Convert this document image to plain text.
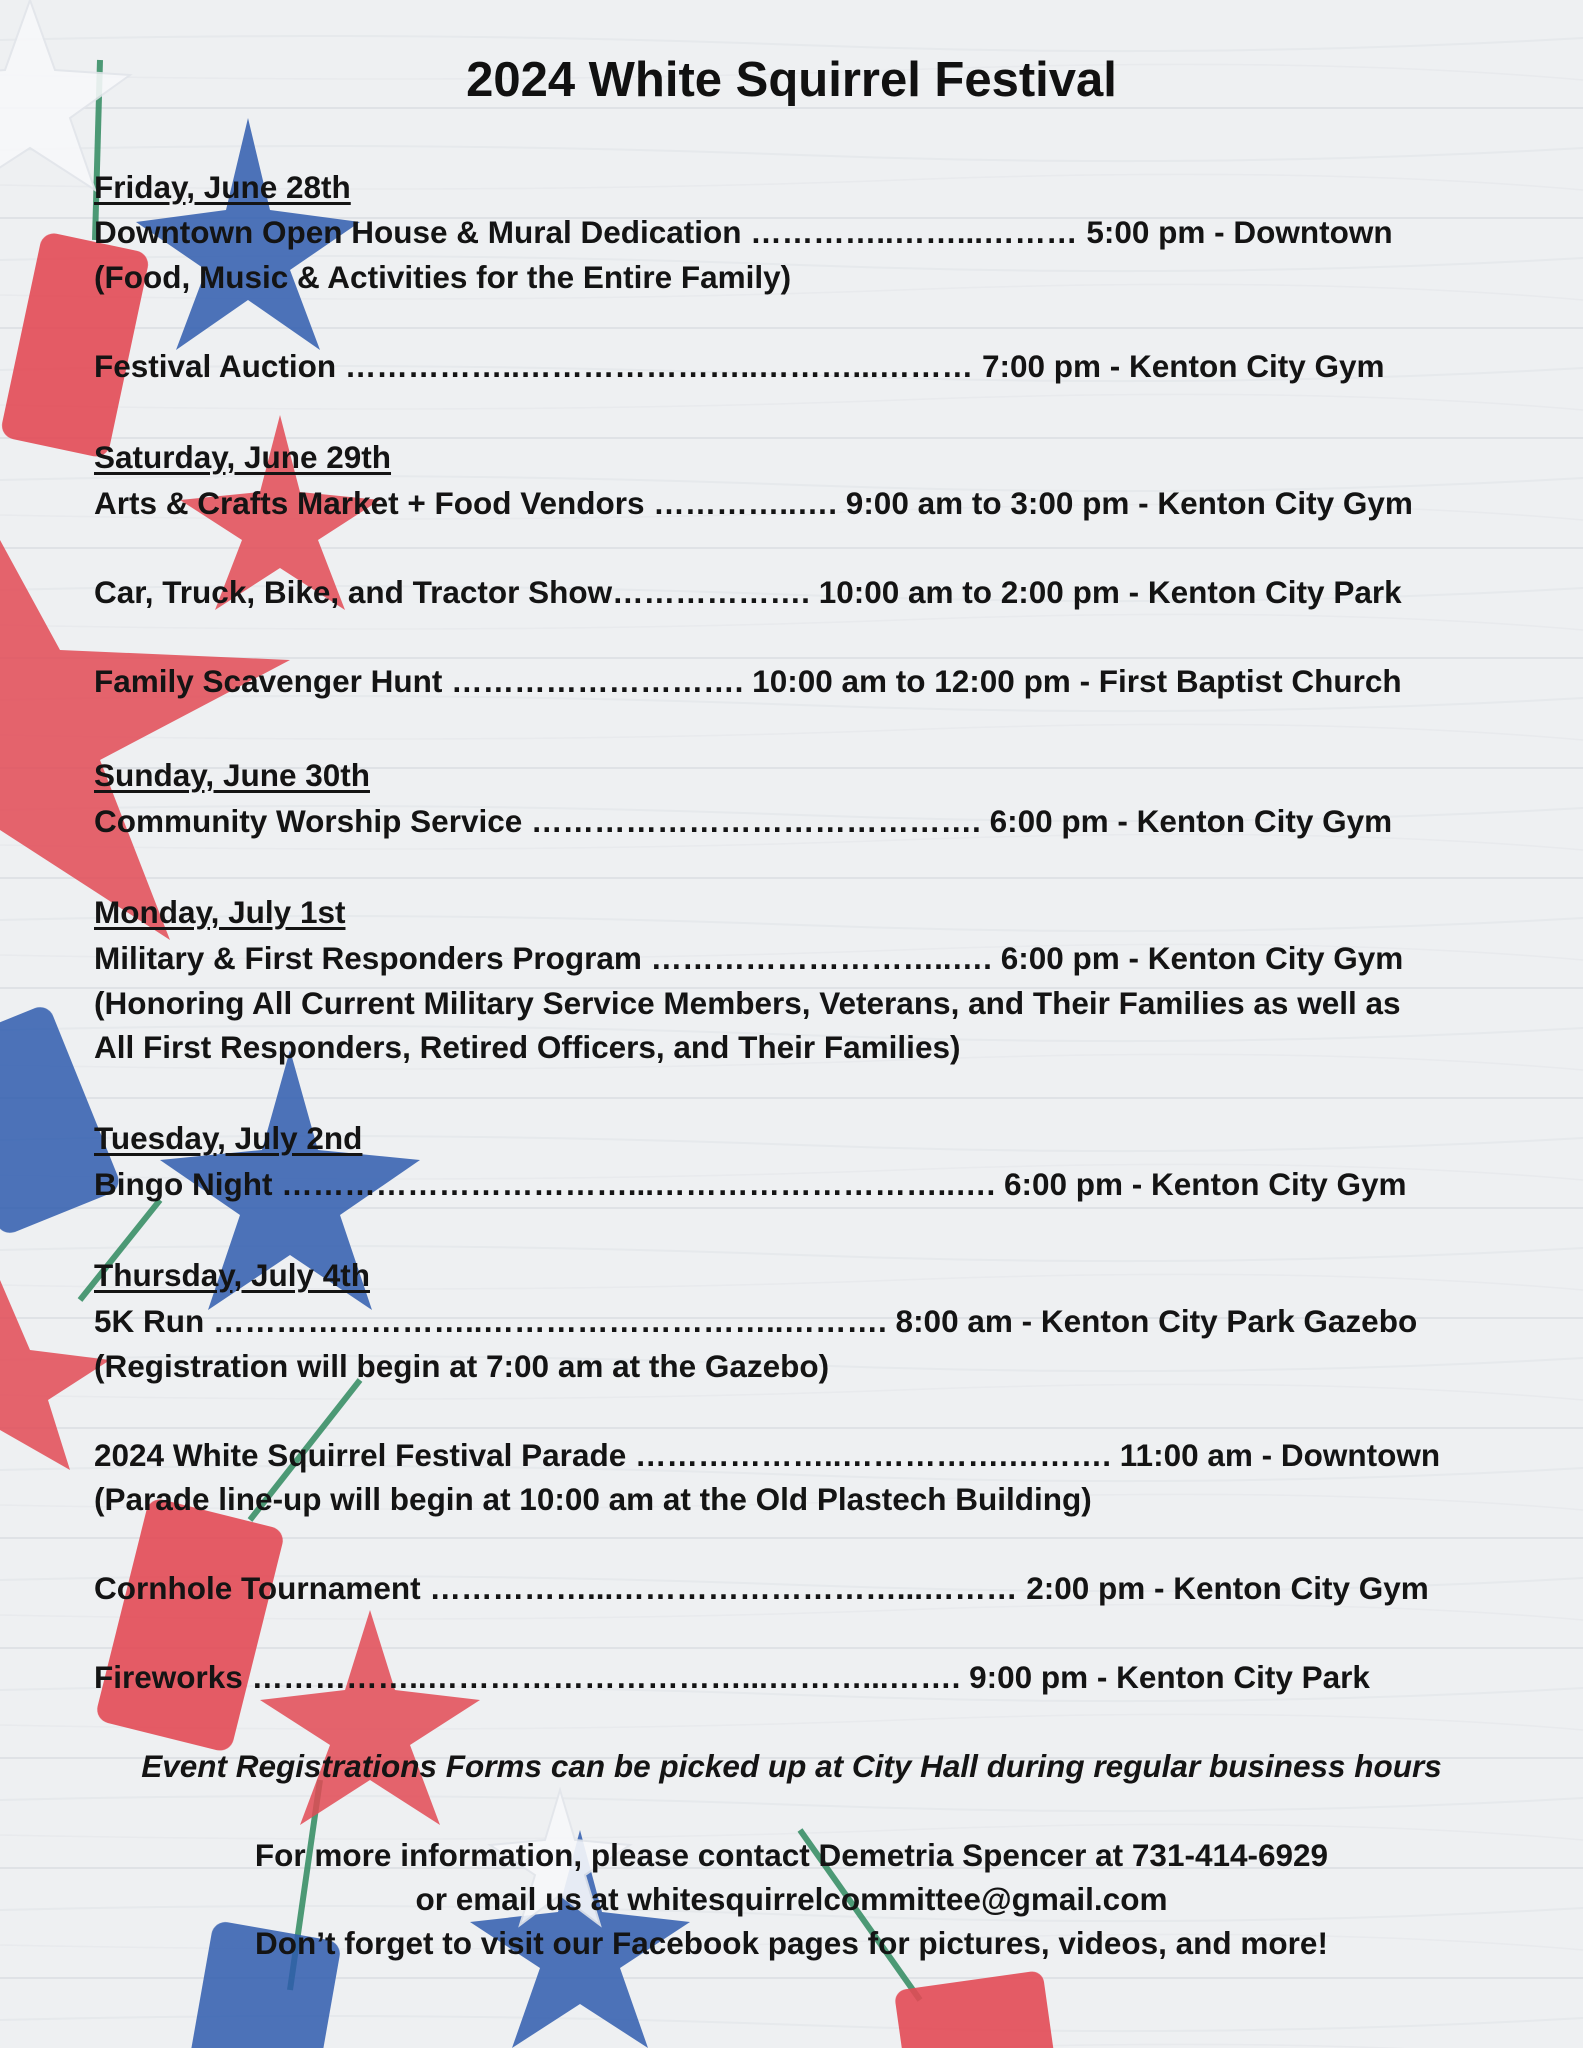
2024 White Squirrel Festival
Friday, June 28th
Downtown Open House & Mural Dedication …………..……...……… 5:00 pm - Downtown
(Food, Music & Activities for the Entire Family)
Festival Auction ……………..…………………..………...……… 7:00 pm - Kenton City Gym
Saturday, June 29th
Arts & Crafts Market + Food Vendors …………..…. 9:00 am to 3:00 pm - Kenton City Gym
Car, Truck, Bike, and Tractor Show………………. 10:00 am to 2:00 pm - Kenton City Park
Family Scavenger Hunt ………………………. 10:00 am to 12:00 pm - First Baptist Church
Sunday, June 30th
Community Worship Service ……………………………………. 6:00 pm - Kenton City Gym
Monday, July 1st
Military & First Responders Program ………………………..…. 6:00 pm - Kenton City Gym
(Honoring All Current Military Service Members, Veterans, and Their Families as well as
All First Responders, Retired Officers, and Their Families)
Tuesday, July 2nd
Bingo Night ……………………………...………………………..…. 6:00 pm - Kenton City Gym
Thursday, July 4th
5K Run ……………………..………………………..………. 8:00 am - Kenton City Park Gazebo
(Registration will begin at 7:00 am at the Gazebo)
2024 White Squirrel Festival Parade ………………..…………….………. 11:00 am - Downtown
(Parade line-up will begin at 10:00 am at the Old Plastech Building)
Cornhole Tournament ……………...………………………...……… 2:00 pm - Kenton City Gym
Fireworks ……………..…………………………...………...……. 9:00 pm - Kenton City Park
Event Registrations Forms can be picked up at City Hall during regular business hours
For more information, please contact Demetria Spencer at 731-414-6929
or email us at whitesquirrelcommittee@gmail.com
Don’t forget to visit our Facebook pages for pictures, videos, and more!
